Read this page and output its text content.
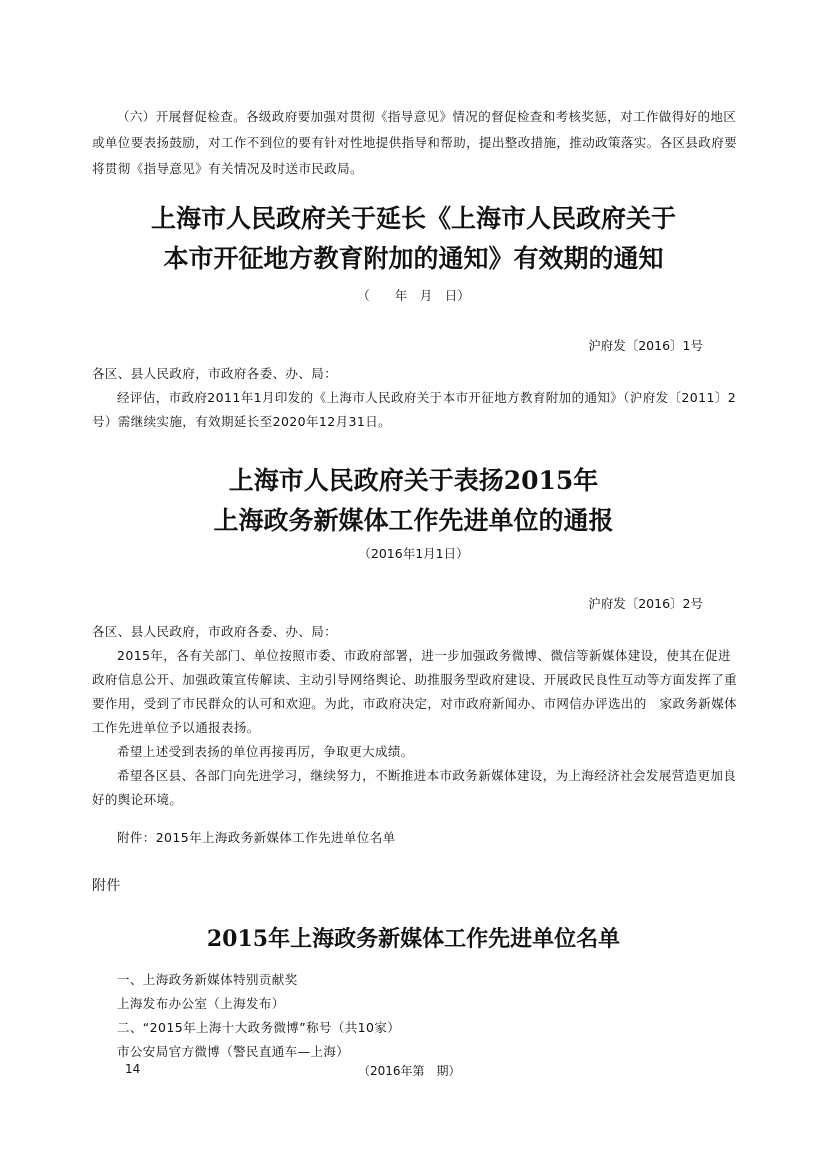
（六）开展督促检查。各级政府要加强对贯彻《指导意见》情况的督促检查和考核奖惩，对工作做得好的地区或单位要表扬鼓励，对工作不到位的要有针对性地提供指导和帮助，提出整改措施，推动政策落实。各区县政府要将贯彻《指导意见》有关情况及时送市民政局。

上海市人民政府关于延长《上海市人民政府关于
本市开征地方教育附加的通知》有效期的通知
（　　年　月　日）
沪府发〔2016〕1号

各区、县人民政府，市政府各委、办、局：

经评估，市政府2011年1月印发的《上海市人民政府关于本市开征地方教育附加的通知》（沪府发〔2011〕2号）需继续实施，有效期延长至2020年12月31日。

上海市人民政府关于表扬2015年
上海政务新媒体工作先进单位的通报
（2016年1月1日）
沪府发〔2016〕2号

各区、县人民政府，市政府各委、办、局：

2015年，各有关部门、单位按照市委、市政府部署，进一步加强政务微博、微信等新媒体建设，使其在促进政府信息公开、加强政策宣传解读、主动引导网络舆论、助推服务型政府建设、开展政民良性互动等方面发挥了重要作用，受到了市民群众的认可和欢迎。为此，市政府决定，对市政府新闻办、市网信办评选出的　家政务新媒体工作先进单位予以通报表扬。

希望上述受到表扬的单位再接再厉，争取更大成绩。

希望各区县、各部门向先进学习，继续努力，不断推进本市政务新媒体建设，为上海经济社会发展营造更加良好的舆论环境。

附件：2015年上海政务新媒体工作先进单位名单

附件
2015年上海政务新媒体工作先进单位名单

一、上海政务新媒体特别贡献奖

上海发布办公室（上海发布）

二、“2015年上海十大政务微博”称号（共10家）

市公安局官方微博（警民直通车—上海）

14	（2016年第　期）
